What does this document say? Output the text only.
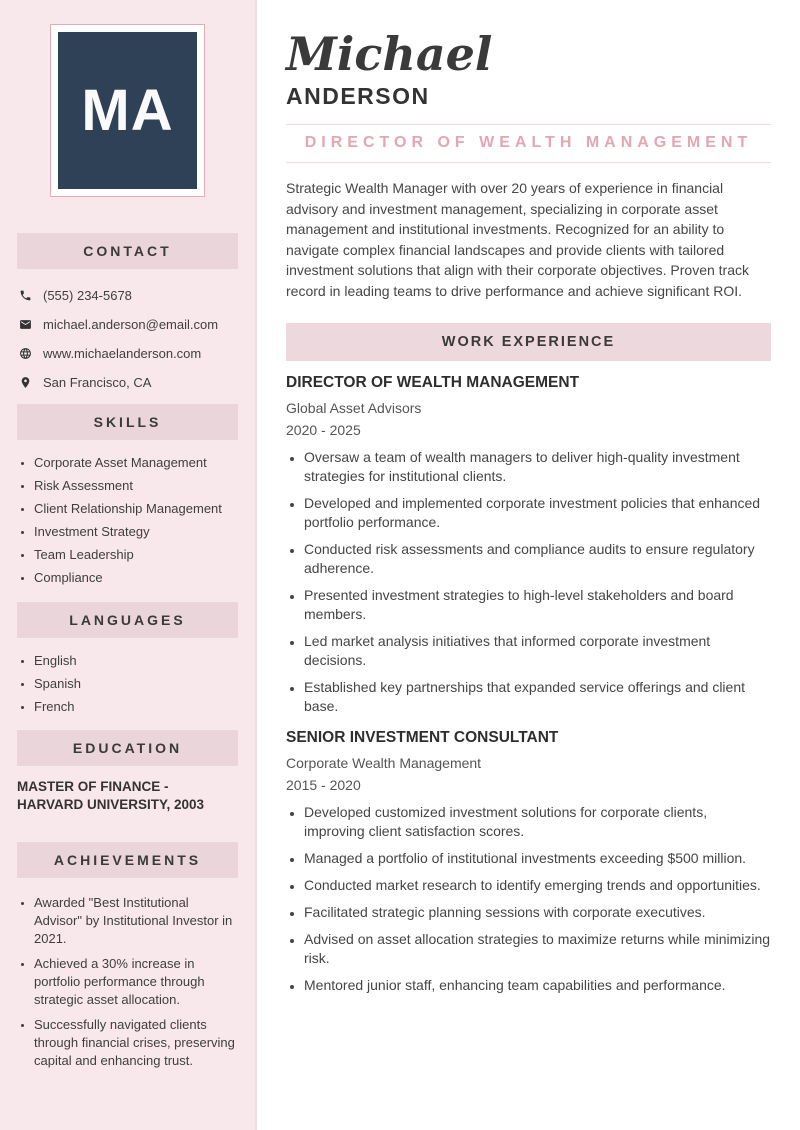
MA
CONTACT
(555) 234-5678
michael.anderson@email.com
www.michaelanderson.com
San Francisco, CA
SKILLS
• Corporate Asset Management
• Risk Assessment
• Client Relationship Management
• Investment Strategy
• Team Leadership
• Compliance
LANGUAGES
• English
• Spanish
• French
EDUCATION
MASTER OF FINANCE - HARVARD UNIVERSITY, 2003
ACHIEVEMENTS
• Awarded "Best Institutional Advisor" by Institutional Investor in 2021.
• Achieved a 30% increase in portfolio performance through strategic asset allocation.
• Successfully navigated clients through financial crises, preserving capital and enhancing trust.
Michael
ANDERSON
DIRECTOR OF WEALTH MANAGEMENT

Strategic Wealth Manager with over 20 years of experience in financial advisory and investment management, specializing in corporate asset management and institutional investments. Recognized for an ability to navigate complex financial landscapes and provide clients with tailored investment solutions that align with their corporate objectives. Proven track record in leading teams to drive performance and achieve significant ROI.

WORK EXPERIENCE
DIRECTOR OF WEALTH MANAGEMENT
Global Asset Advisors
2020 - 2025
• Oversaw a team of wealth managers to deliver high-quality investment strategies for institutional clients.
• Developed and implemented corporate investment policies that enhanced portfolio performance.
• Conducted risk assessments and compliance audits to ensure regulatory adherence.
• Presented investment strategies to high-level stakeholders and board members.
• Led market analysis initiatives that informed corporate investment decisions.
• Established key partnerships that expanded service offerings and client base.
SENIOR INVESTMENT CONSULTANT
Corporate Wealth Management
2015 - 2020
• Developed customized investment solutions for corporate clients, improving client satisfaction scores.
• Managed a portfolio of institutional investments exceeding $500 million.
• Conducted market research to identify emerging trends and opportunities.
• Facilitated strategic planning sessions with corporate executives.
• Advised on asset allocation strategies to maximize returns while minimizing risk.
• Mentored junior staff, enhancing team capabilities and performance.
